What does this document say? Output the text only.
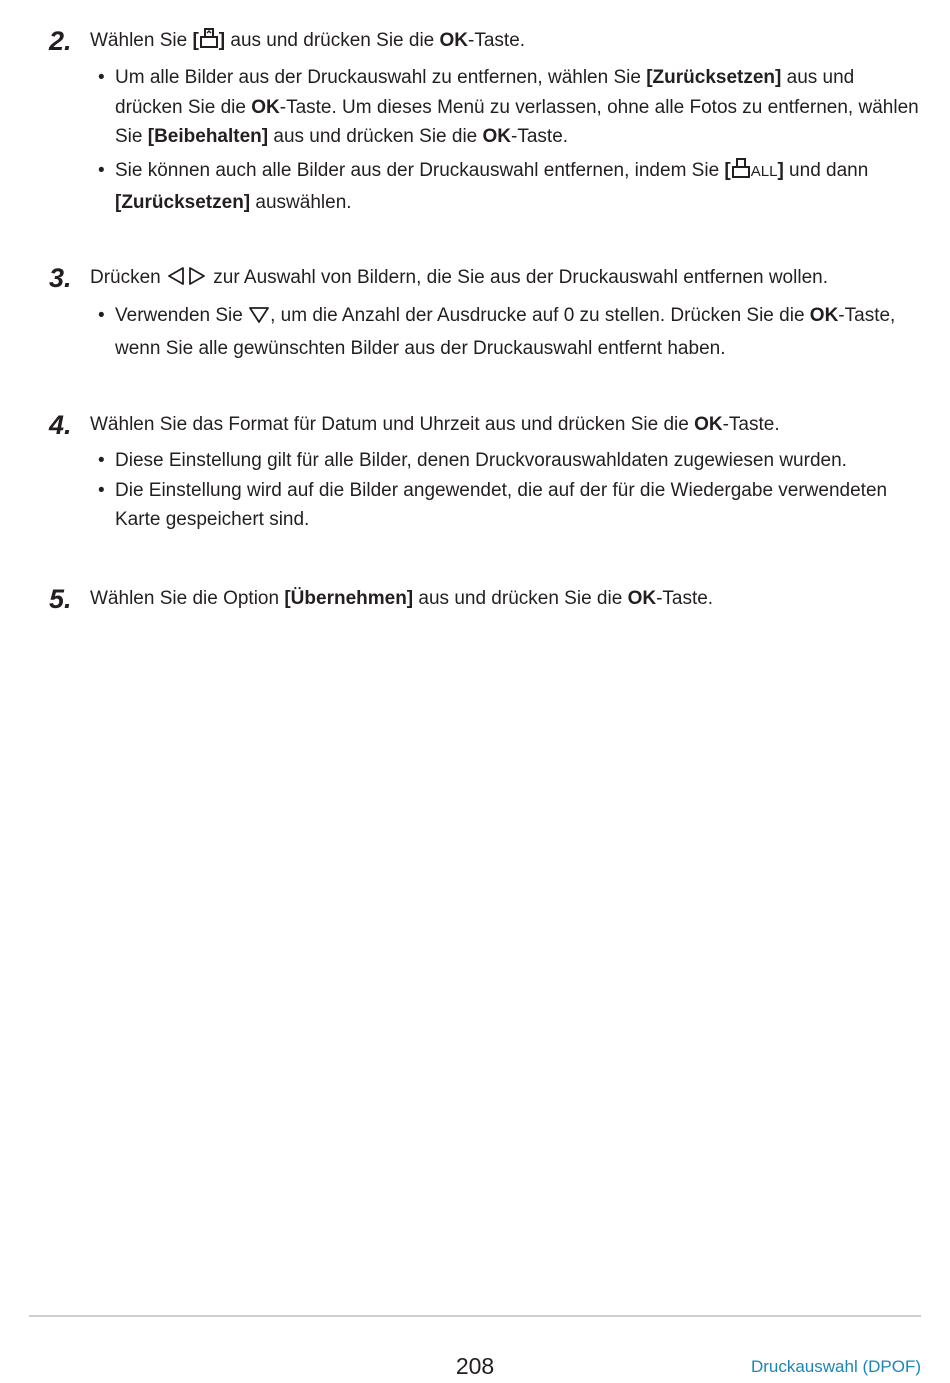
2. Wählen Sie [ ] aus und drücken Sie die OK-Taste.
• Um alle Bilder aus der Druckauswahl zu entfernen, wählen Sie [Zurücksetzen] aus und drücken Sie die OK-Taste. Um dieses Menü zu verlassen, ohne alle Fotos zu entfernen, wählen Sie [Beibehalten] aus und drücken Sie die OK-Taste.
• Sie können auch alle Bilder aus der Druckauswahl entfernen, indem Sie [ ALL] und dann [Zurücksetzen] auswählen.
3. Drücken  zur Auswahl von Bildern, die Sie aus der Druckauswahl entfernen wollen.
• Verwenden Sie , um die Anzahl der Ausdrucke auf 0 zu stellen. Drücken Sie die OK-Taste, wenn Sie alle gewünschten Bilder aus der Druckauswahl entfernt haben.
4. Wählen Sie das Format für Datum und Uhrzeit aus und drücken Sie die OK-Taste.
• Diese Einstellung gilt für alle Bilder, denen Druckvorauswahldaten zugewiesen wurden.
• Die Einstellung wird auf die Bilder angewendet, die auf der für die Wiedergabe verwendeten Karte gespeichert sind.
5. Wählen Sie die Option [Übernehmen] aus und drücken Sie die OK-Taste.
208	Druckauswahl (DPOF)
